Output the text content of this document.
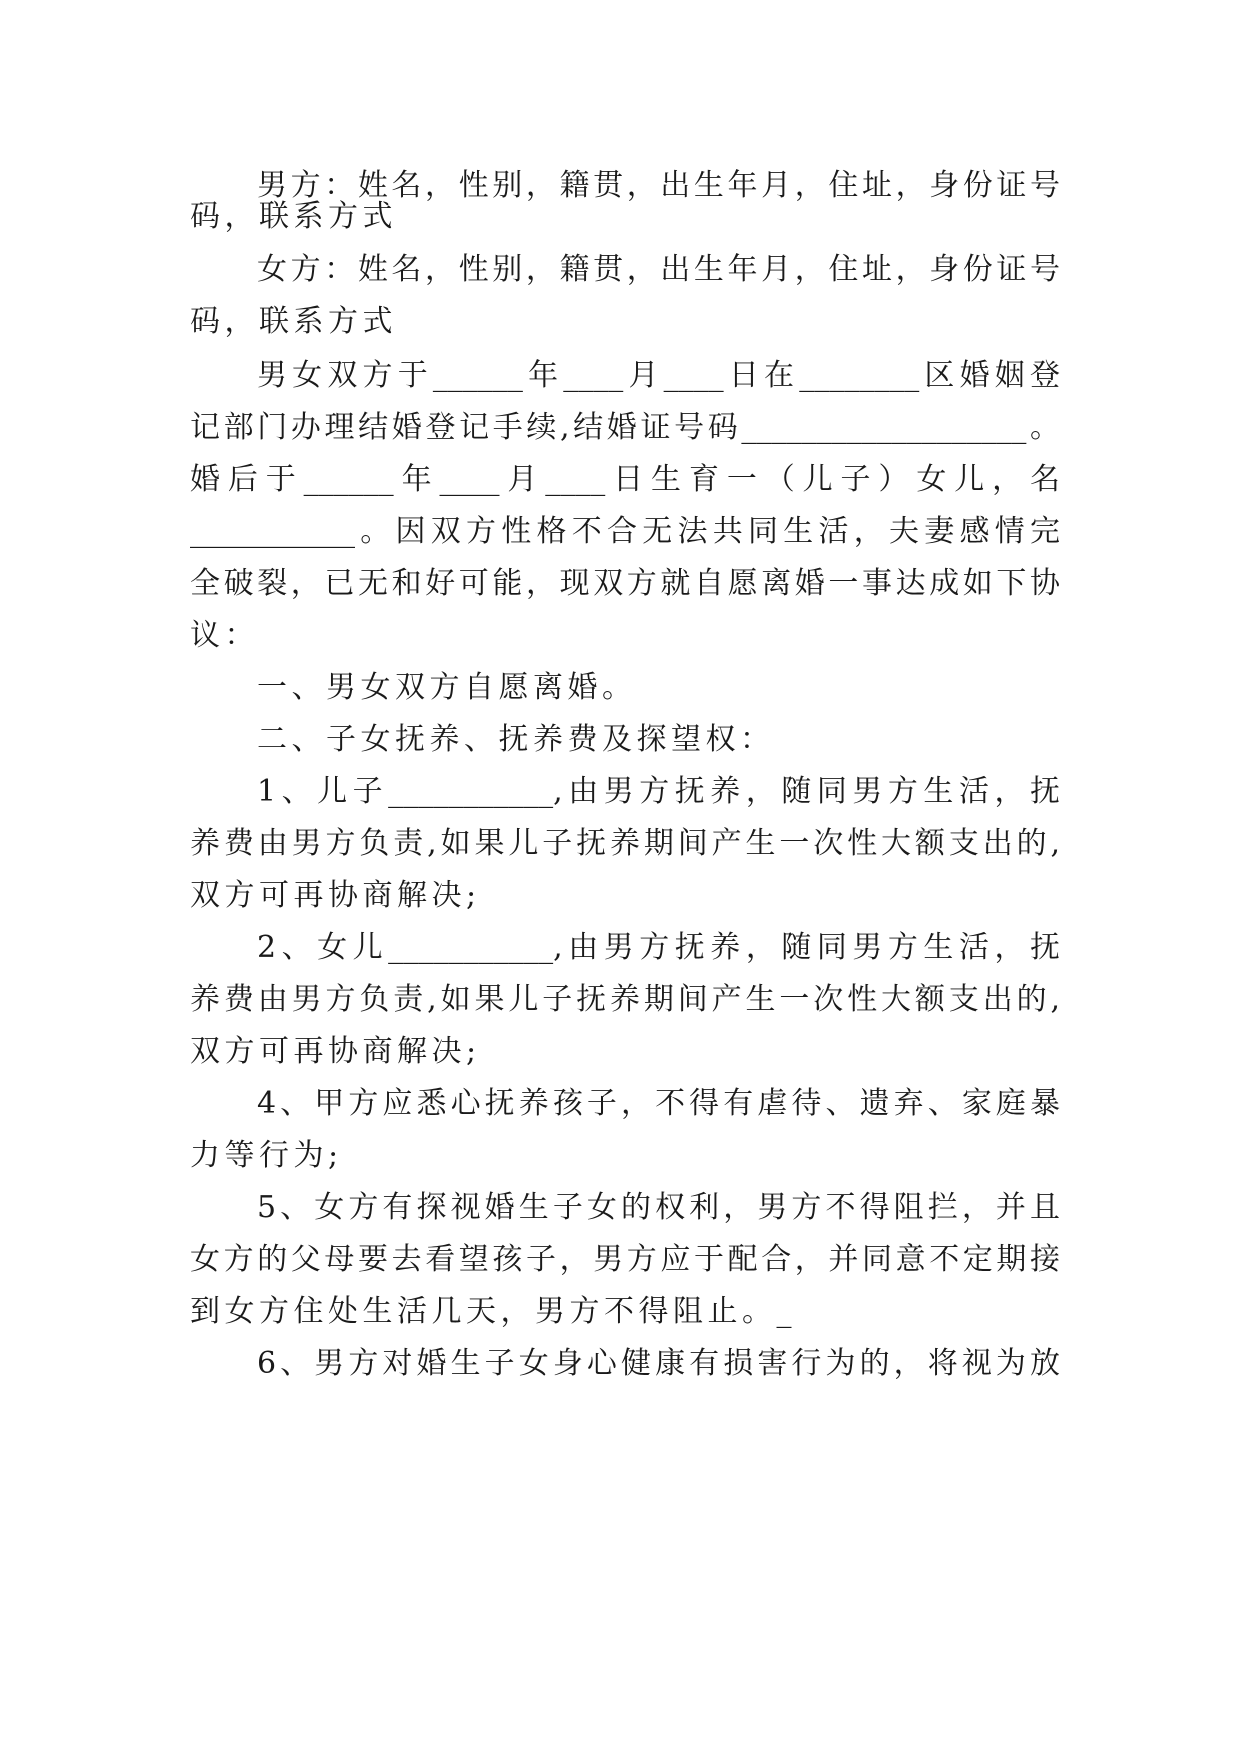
男方：姓名，性别，籍贯，出生年月，住址，身份证号
码，联系方式
女方：姓名，性别，籍贯，出生年月，住址，身份证号
码，联系方式
男女双方于______年____月____日在________区婚姻登
记部门办理结婚登记手续,结婚证号码___________________。
婚后于______年____月____日生育一（儿子）女儿，名
___________。因双方性格不合无法共同生活，夫妻感情完
全破裂，已无和好可能，现双方就自愿离婚一事达成如下协
议：
一、男女双方自愿离婚。
二、子女抚养、抚养费及探望权：
1、儿子___________,由男方抚养，随同男方生活，抚
养费由男方负责,如果儿子抚养期间产生一次性大额支出的,
双方可再协商解决;
2、女儿___________,由男方抚养，随同男方生活，抚
养费由男方负责,如果儿子抚养期间产生一次性大额支出的,
双方可再协商解决;
4、甲方应悉心抚养孩子，不得有虐待、遗弃、家庭暴
力等行为;
5、女方有探视婚生子女的权利，男方不得阻拦，并且
女方的父母要去看望孩子，男方应于配合，并同意不定期接
到女方住处生活几天，男方不得阻止。_
6、男方对婚生子女身心健康有损害行为的，将视为放
